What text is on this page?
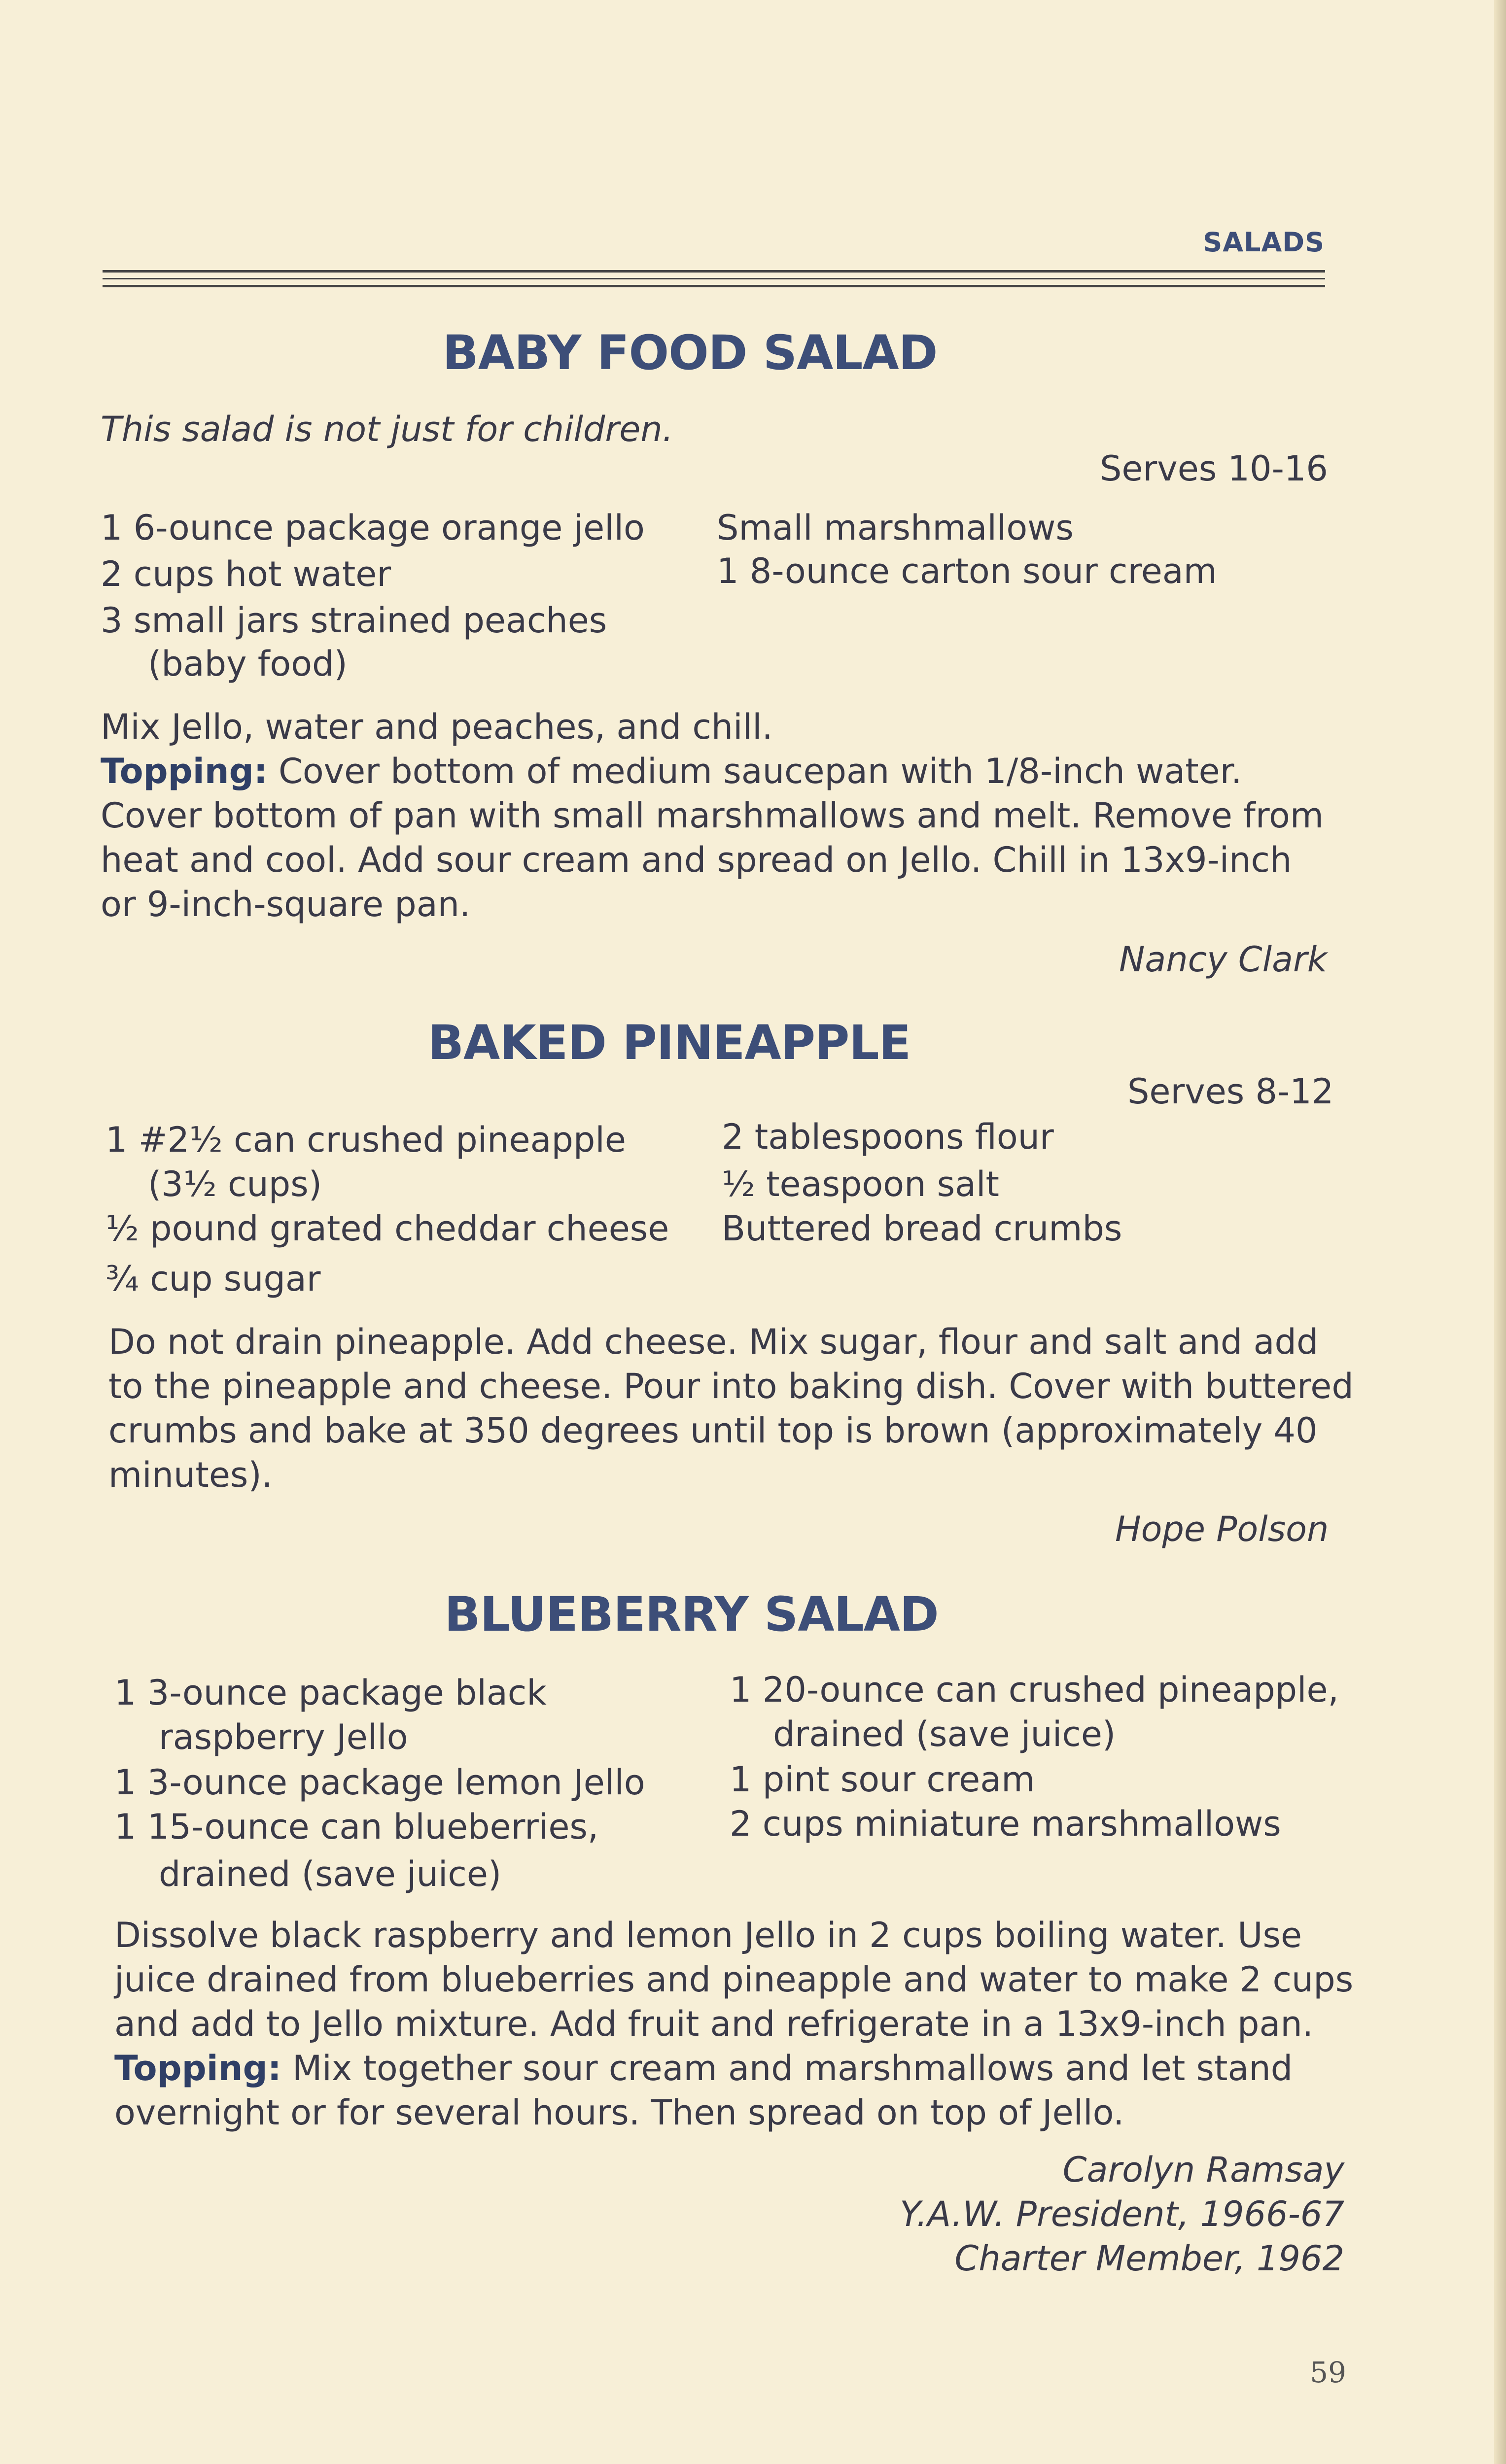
SALADS
BABY FOOD SALAD
This salad is not just for children.
Serves 10-16
1 6-ounce package orange jello
2 cups hot water
3 small jars strained peaches
(baby food)
Small marshmallows
1 8-ounce carton sour cream
Mix Jello, water and peaches, and chill.
Topping: Cover bottom of medium saucepan with 1/8-inch water.
Cover bottom of pan with small marshmallows and melt. Remove from
heat and cool. Add sour cream and spread on Jello. Chill in 13x9-inch
or 9-inch-square pan.
Nancy Clark
BAKED PINEAPPLE
Serves 8-12
1 #2½ can crushed pineapple
(3½ cups)
½ pound grated cheddar cheese
¾ cup sugar
2 tablespoons flour
½ teaspoon salt
Buttered bread crumbs
Do not drain pineapple. Add cheese. Mix sugar, flour and salt and add
to the pineapple and cheese. Pour into baking dish. Cover with buttered
crumbs and bake at 350 degrees until top is brown (approximately 40
minutes).
Hope Polson
BLUEBERRY SALAD
1 3-ounce package black
raspberry Jello
1 3-ounce package lemon Jello
1 15-ounce can blueberries,
drained (save juice)
1 20-ounce can crushed pineapple,
drained (save juice)
1 pint sour cream
2 cups miniature marshmallows
Dissolve black raspberry and lemon Jello in 2 cups boiling water. Use
juice drained from blueberries and pineapple and water to make 2 cups
and add to Jello mixture. Add fruit and refrigerate in a 13x9-inch pan.
Topping: Mix together sour cream and marshmallows and let stand
overnight or for several hours. Then spread on top of Jello.
Carolyn Ramsay
Y.A.W. President, 1966-67
Charter Member, 1962
59
